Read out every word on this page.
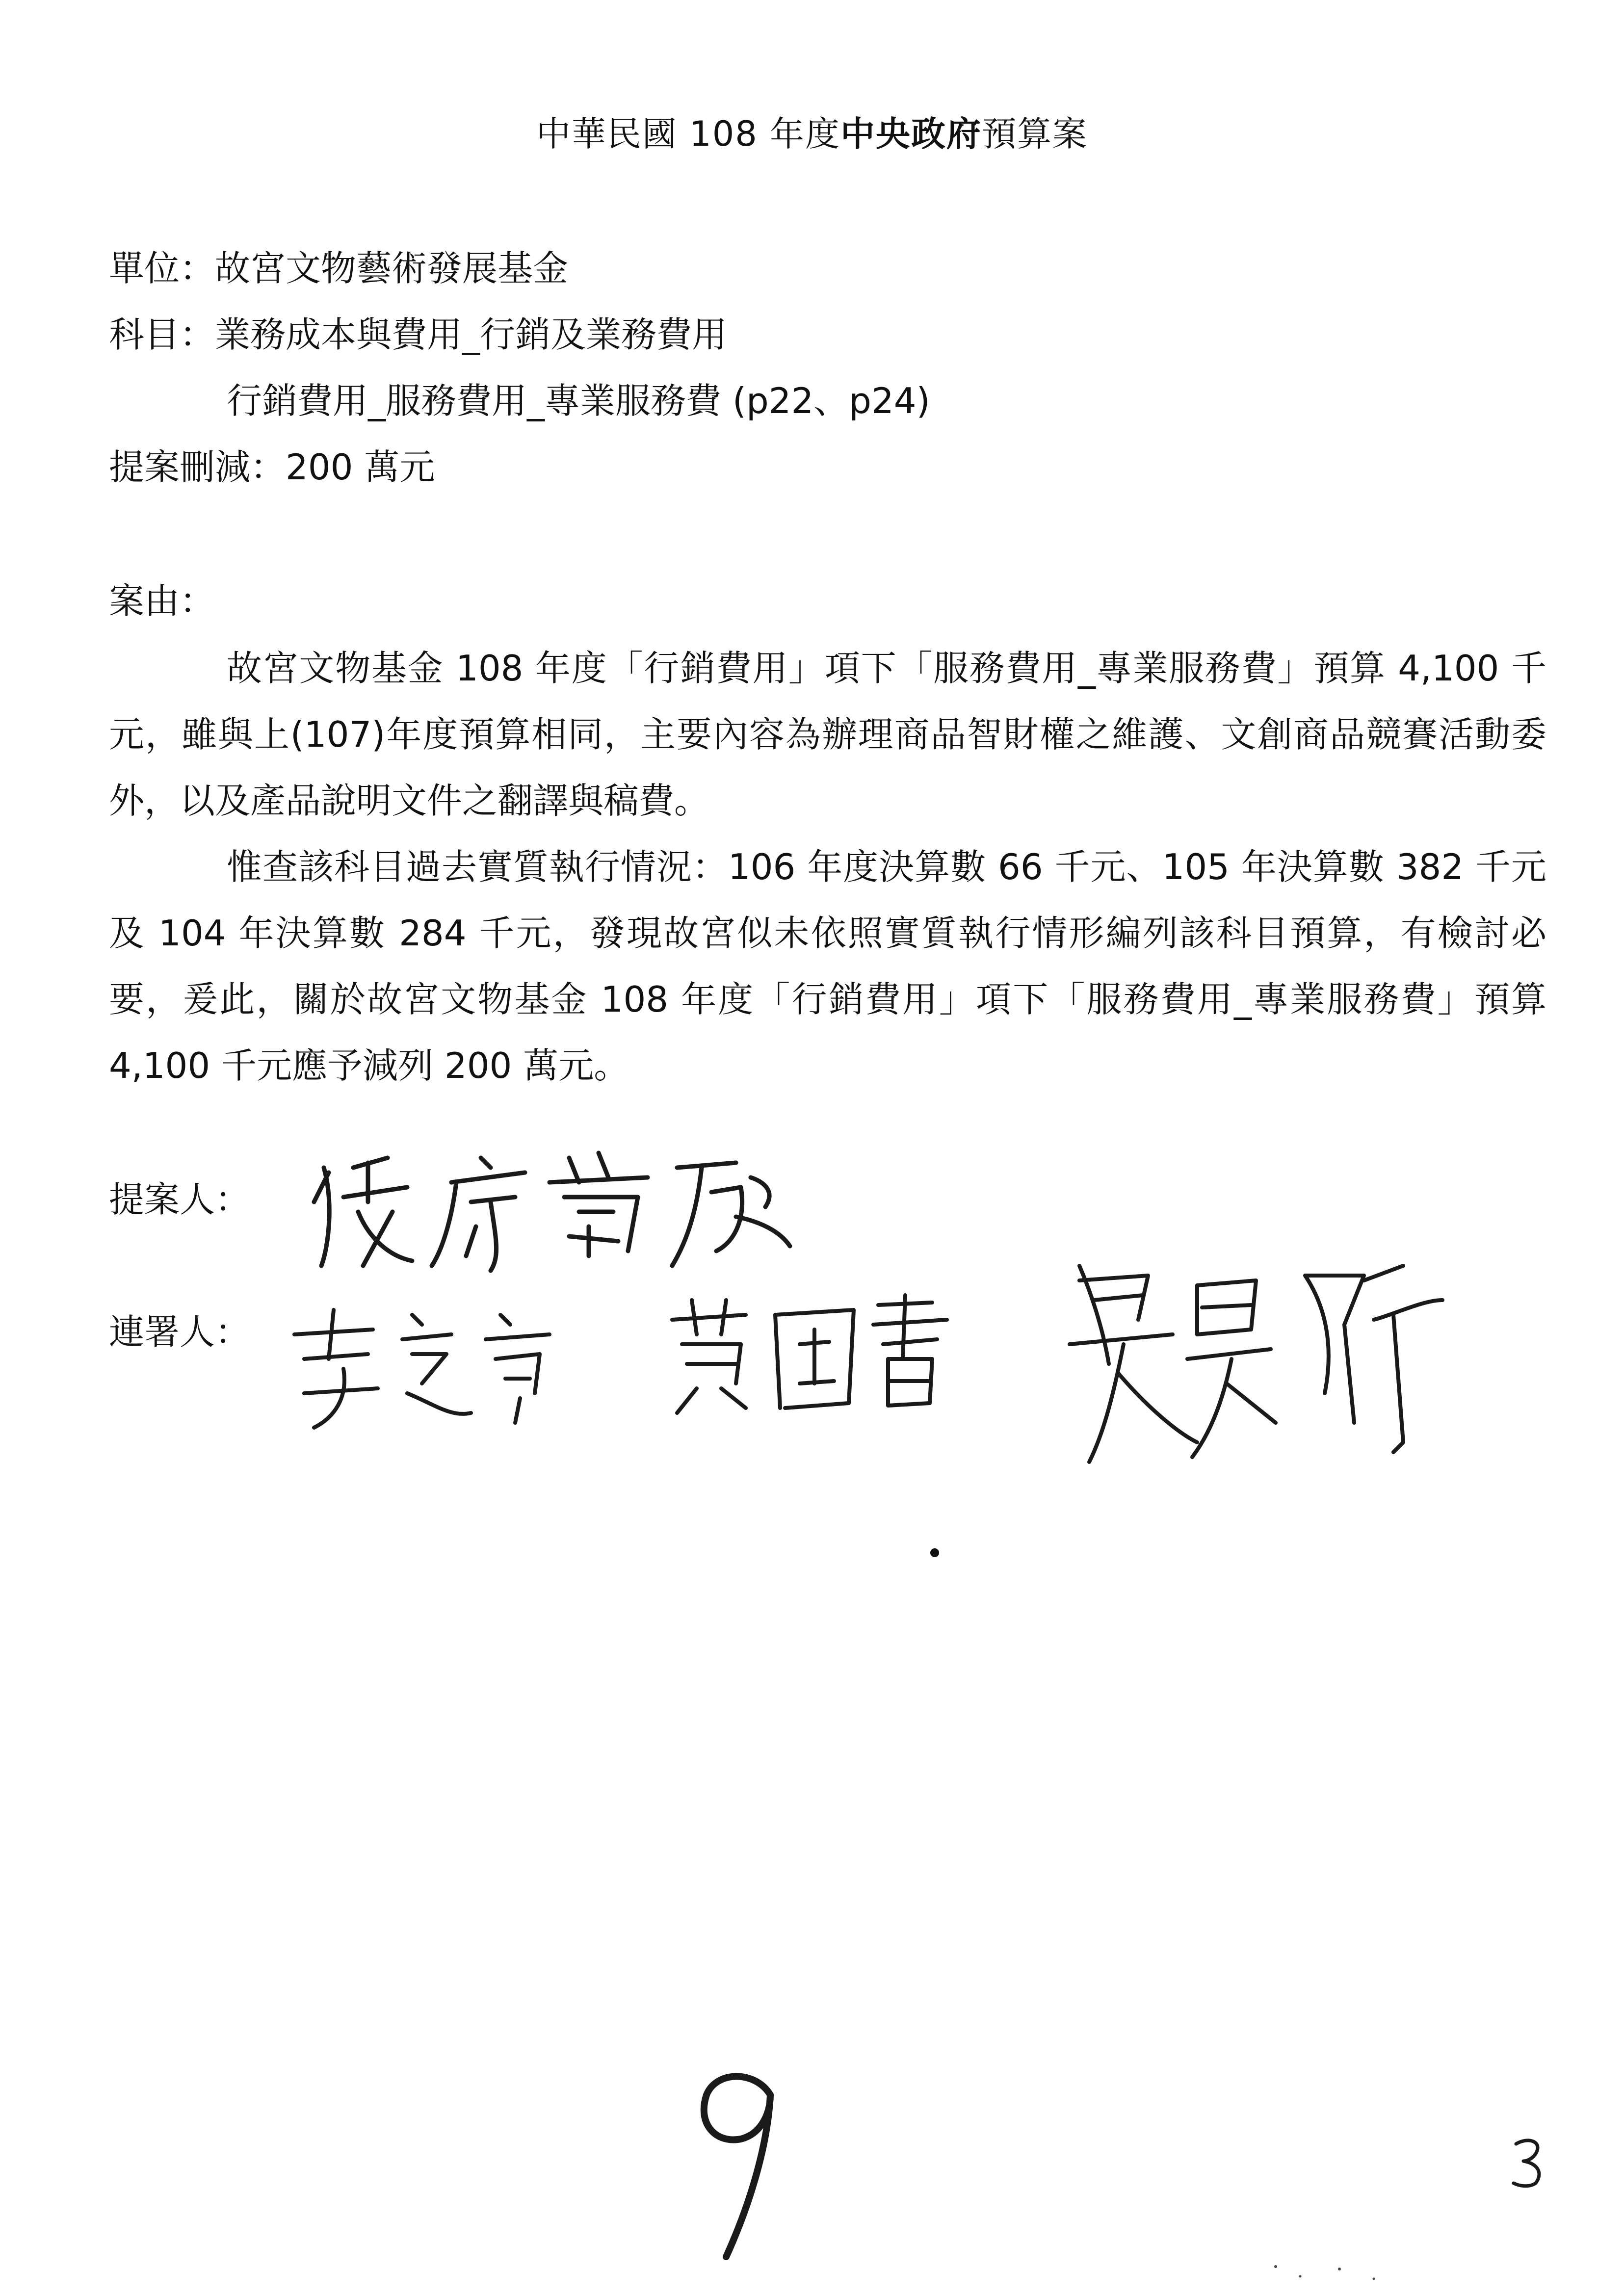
中華民國 108 年度中央政府預算案
單位：故宮文物藝術發展基金
科目：業務成本與費用_行銷及業務費用
行銷費用_服務費用_專業服務費 (p22、p24)
提案刪減：200 萬元
案由：
故宮文物基金 108 年度「行銷費用」項下「服務費用_專業服務費」預算 4,100 千元，雖與上(107)年度預算相同，主要內容為辦理商品智財權之維護、文創商品競賽活動委外，以及產品說明文件之翻譯與稿費。
惟查該科目過去實質執行情況：106 年度決算數 66 千元、105 年決算數 382 千元及 104 年決算數 284 千元，發現故宮似未依照實質執行情形編列該科目預算，有檢討必要，爰此，關於故宮文物基金 108 年度「行銷費用」項下「服務費用_專業服務費」預算 4,100 千元應予減列 200 萬元。
提案人：
連署人：
